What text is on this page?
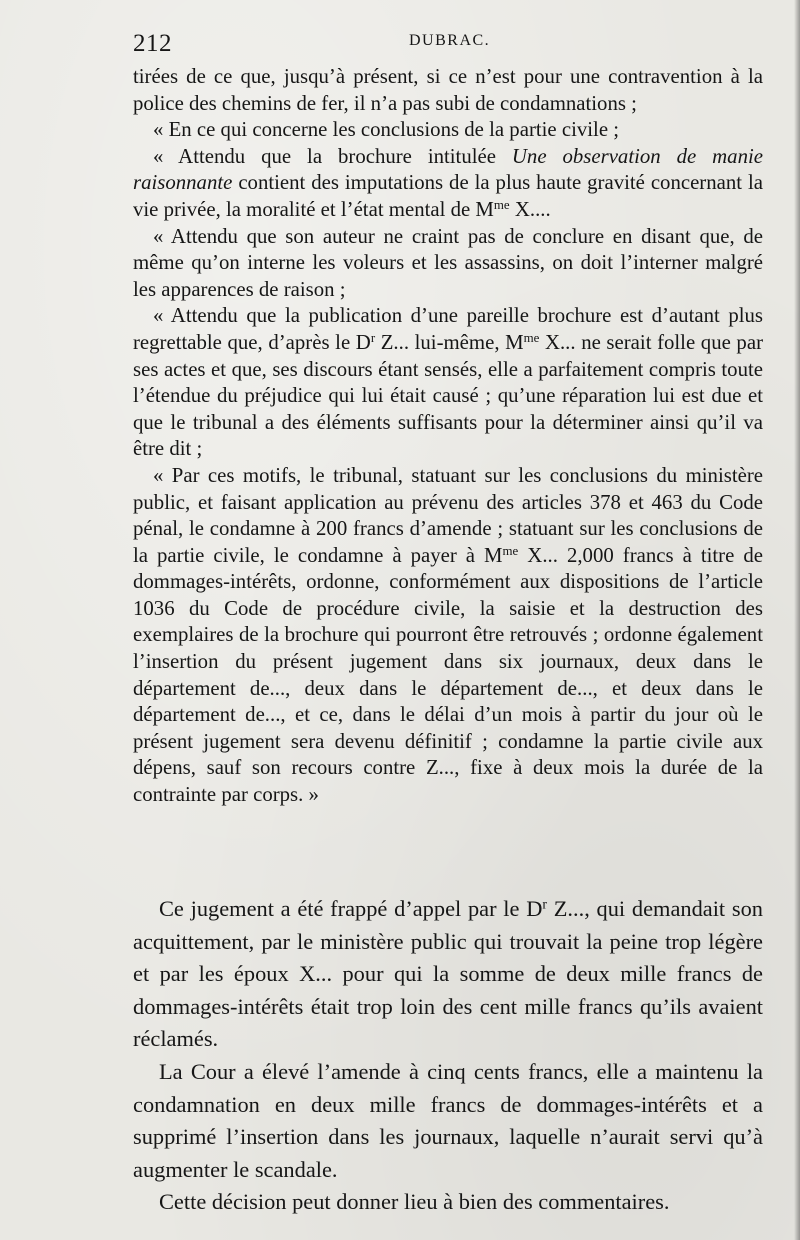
212	DUBRAC.

tirées de ce que, jusqu’à présent, si ce n’est pour une contravention à la police des chemins de fer, il n’a pas subi de condamnations ;

« En ce qui concerne les conclusions de la partie civile ;

« Attendu que la brochure intitulée Une observation de manie raisonnante contient des imputations de la plus haute gravité concernant la vie privée, la moralité et l’état mental de $M^{me}$ X....

« Attendu que son auteur ne craint pas de conclure en disant que, de même qu’on interne les voleurs et les assassins, on doit l’interner malgré les apparences de raison ;

« Attendu que la publication d’une pareille brochure est d’autant plus regrettable que, d’après le $D^r$ Z... lui-même, $M^{me}$ X... ne serait folle que par ses actes et que, ses discours étant sensés, elle a parfaitement compris toute l’étendue du préjudice qui lui était causé ; qu’une réparation lui est due et que le tribunal a des éléments suffisants pour la déterminer ainsi qu’il va être dit ;

« Par ces motifs, le tribunal, statuant sur les conclusions du ministère public, et faisant application au prévenu des articles 378 et 463 du Code pénal, le condamne à 200 francs d’amende ; statuant sur les conclusions de la partie civile, le condamne à payer à $M^{me}$ X... 2,000 francs à titre de dommages-intérêts, ordonne, conformément aux dispositions de l’article 1036 du Code de procédure civile, la saisie et la destruction des exemplaires de la brochure qui pourront être retrouvés ; ordonne également l’insertion du présent jugement dans six journaux, deux dans le département de..., deux dans le département de..., et deux dans le département de..., et ce, dans le délai d’un mois à partir du jour où le présent jugement sera devenu définitif ; condamne la partie civile aux dépens, sauf son recours contre Z..., fixe à deux mois la durée de la contrainte par corps. »

Ce jugement a été frappé d’appel par le $D^r$ Z..., qui demandait son acquittement, par le ministère public qui trouvait la peine trop légère et par les époux X... pour qui la somme de deux mille francs de dommages-intérêts était trop loin des cent mille francs qu’ils avaient réclamés.

La Cour a élevé l’amende à cinq cents francs, elle a maintenu la condamnation en deux mille francs de dommages-intérêts et a supprimé l’insertion dans les journaux, laquelle n’aurait servi qu’à augmenter le scandale.

Cette décision peut donner lieu à bien des commentaires.
